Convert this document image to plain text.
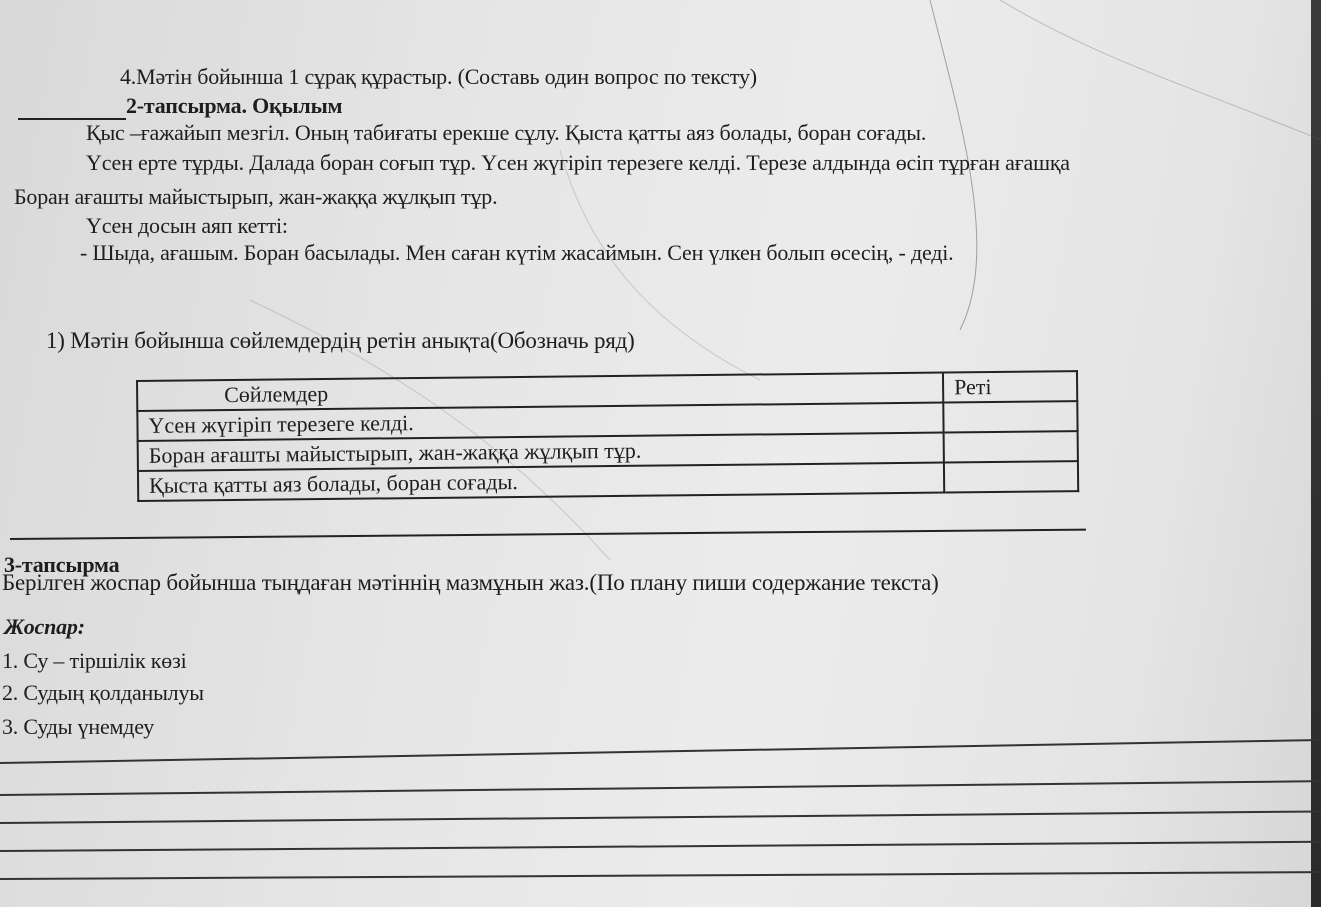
4.Мәтін бойынша 1 сұрақ құрастыр. (Составь один вопрос по тексту)
2-тапсырма. Оқылым
Қыс –ғажайып мезгіл. Оның табиғаты ерекше сұлу. Қыста қатты аяз болады, боран соғады.
Үсен ерте тұрды. Далада боран соғып тұр. Үсен жүгіріп терезеге келді. Терезе алдында өсіп тұрған ағашқа
Боран ағашты майыстырып, жан-жаққа жұлқып тұр.
Үсен досын аяп кетті:
- Шыда, ағашым. Боран басылады. Мен саған күтім жасаймын. Сен үлкен болып өсесің, - деді.
1) Мәтін бойынша сөйлемдердің ретін анықта(Обозначь ряд)
Сөйлемдер	Реті
Үсен жүгіріп терезеге келді.	
Боран ағашты майыстырып, жан-жаққа жұлқып тұр.	
Қыста қатты аяз болады, боран соғады.	
3-тапсырма
Берілген жоспар бойынша тыңдаған мәтіннің мазмұнын жаз.(По плану пиши содержание текста)
Жоспар:
1. Су – тіршілік көзі
2. Судың қолданылуы
3. Суды үнемдеу
